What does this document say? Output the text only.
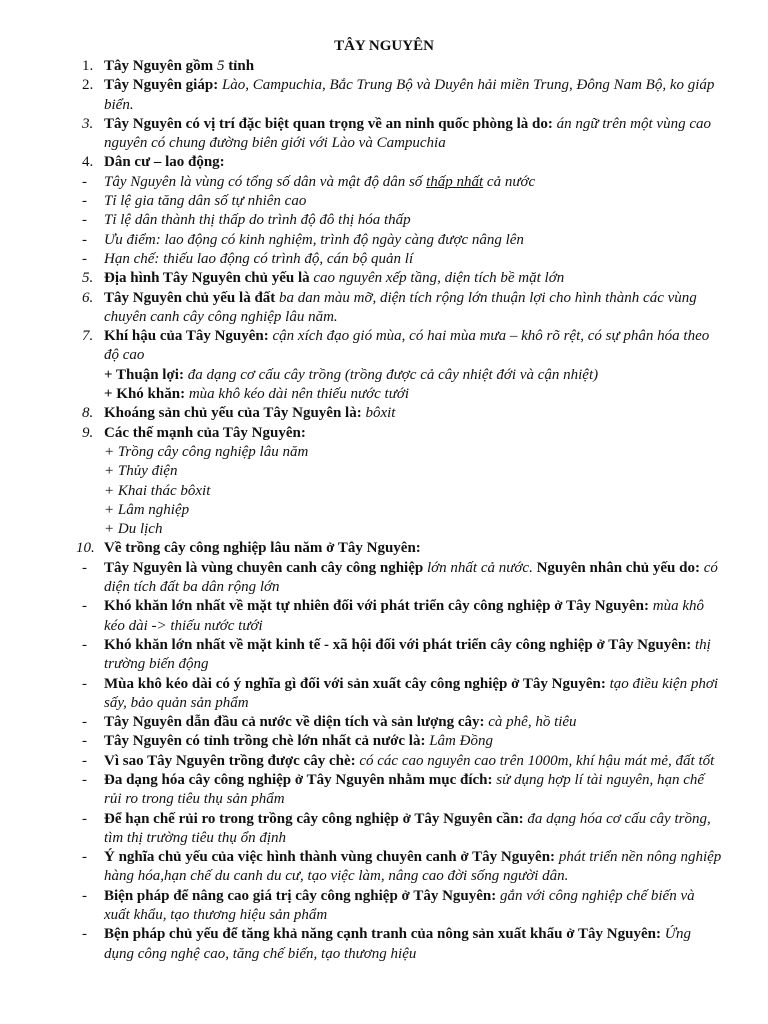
TÂY NGUYÊN
1. Tây Nguyên gồm 5 tỉnh
2. Tây Nguyên giáp: Lào, Campuchia, Bắc Trung Bộ và Duyên hải miền Trung, Đông Nam Bộ, ko giáp biển.
3. Tây Nguyên có vị trí đặc biệt quan trọng về an ninh quốc phòng là do: án ngữ trên một vùng cao nguyên có chung đường biên giới với Lào và Campuchia
4. Dân cư – lao động:
-	Tây Nguyên là vùng có tổng số dân và mật độ dân số thấp nhất cả nước
-	Tỉ lệ gia tăng dân số tự nhiên cao
-	Tỉ lệ dân thành thị thấp do trình độ đô thị hóa thấp
-	Ưu điểm: lao động có kinh nghiệm, trình độ ngày càng được nâng lên
-	Hạn chế: thiếu lao động có trình độ, cán bộ quản lí
5. Địa hình Tây Nguyên chủ yếu là cao nguyên xếp tầng, diện tích bề mặt lớn
6. Tây Nguyên chủ yếu là đất ba dan màu mỡ, diện tích rộng lớn thuận lợi cho hình thành các vùng chuyên canh cây công nghiệp lâu năm.
7. Khí hậu của Tây Nguyên: cận xích đạo gió mùa, có hai mùa mưa – khô rõ rệt, có sự phân hóa theo độ cao
+ Thuận lợi: đa dạng cơ cấu cây trồng (trồng được cả cây nhiệt đới và cận nhiệt)
+ Khó khăn: mùa khô kéo dài nên thiếu nước tưới
8. Khoáng sản chủ yếu của Tây Nguyên là: bôxit
9. Các thế mạnh của Tây Nguyên:
+ Trồng cây công nghiệp lâu năm
+ Thủy điện
+ Khai thác bôxit
+ Lâm nghiệp
+ Du lịch
10. Về trồng cây công nghiệp lâu năm ở Tây Nguyên:
-	Tây Nguyên là vùng chuyên canh cây công nghiệp lớn nhất cả nước. Nguyên nhân chủ yếu do: có diện tích đất ba dân rộng lớn
-	Khó khăn lớn nhất về mặt tự nhiên đối với phát triển cây công nghiệp ở Tây Nguyên: mùa khô kéo dài -> thiếu nước tưới
-	Khó khăn lớn nhất về mặt kinh tế - xã hội đối với phát triển cây công nghiệp ở Tây Nguyên: thị trường biến động
-	Mùa khô kéo dài có ý nghĩa gì đối với sản xuất cây công nghiệp ở Tây Nguyên: tạo điều kiện phơi sấy, bảo quản sản phẩm
-	Tây Nguyên dẫn đầu cả nước về diện tích và sản lượng cây: cà phê, hồ tiêu
-	Tây Nguyên có tỉnh trồng chè lớn nhất cả nước là: Lâm Đồng
-	Vì sao Tây Nguyên trồng được cây chè: có các cao nguyên cao trên 1000m, khí hậu mát mẻ, đất tốt
-	Đa dạng hóa cây công nghiệp ở Tây Nguyên nhằm mục đích: sử dụng hợp lí tài nguyên, hạn chế rủi ro trong tiêu thụ sản phẩm
-	Để hạn chế rủi ro trong trồng cây công nghiệp ở Tây Nguyên cần: đa dạng hóa cơ cấu cây trồng, tìm thị trường tiêu thụ ổn định
-	Ý nghĩa chủ yếu của việc hình thành vùng chuyên canh ở Tây Nguyên: phát triển nền nông nghiệp hàng hóa,hạn chế du canh du cư, tạo việc làm, nâng cao đời sống người dân.
-	Biện pháp để nâng cao giá trị cây công nghiệp ở Tây Nguyên: gắn với công nghiệp chế biến và xuất khẩu, tạo thương hiệu sản phẩm
-	Bện pháp chủ yếu để tăng khả năng cạnh tranh của nông sản xuất khẩu ở Tây Nguyên: Ứng dụng công nghệ cao, tăng chế biến, tạo thương hiệu
